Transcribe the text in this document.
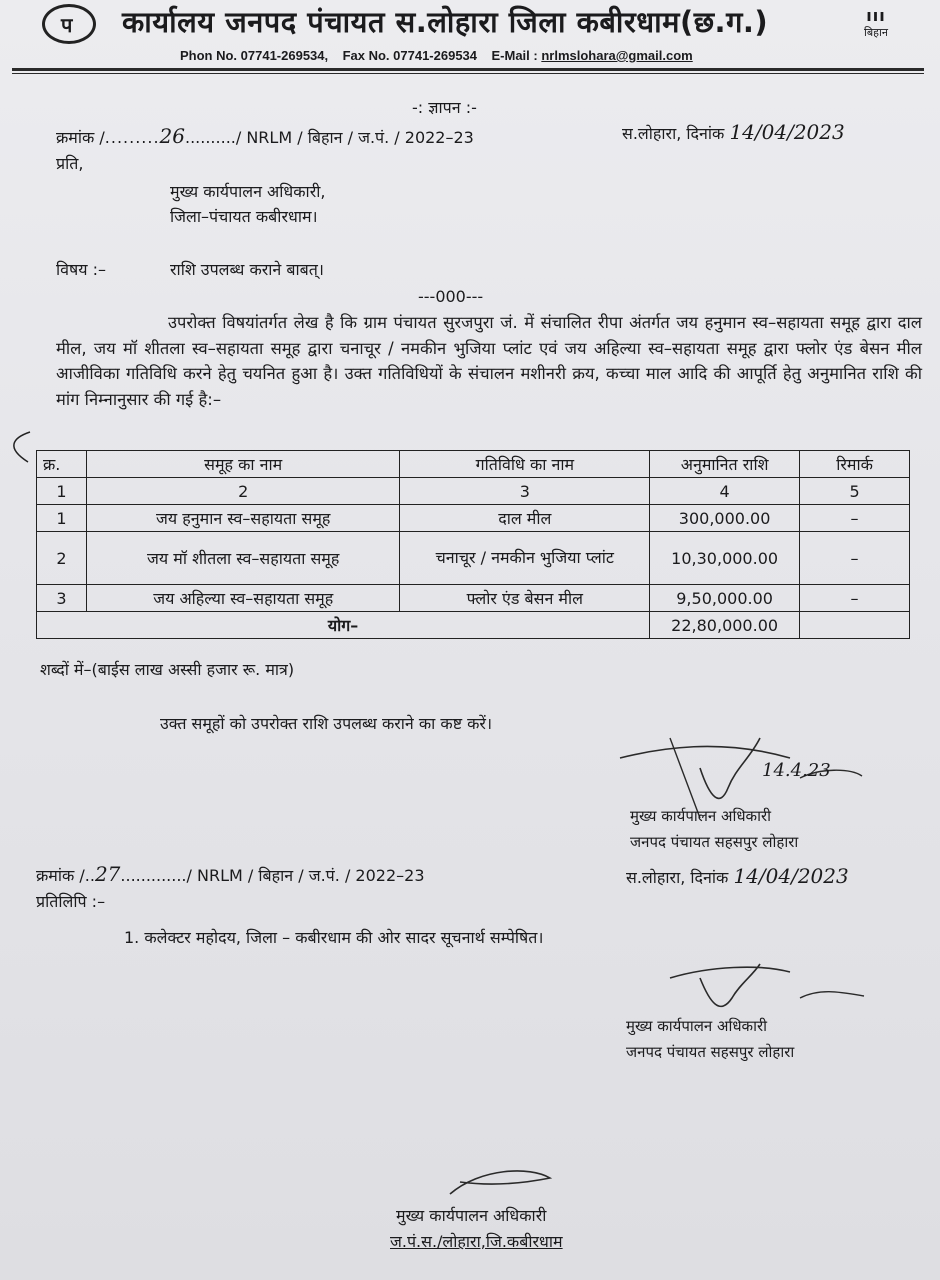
प कार्यालय जनपद पंचायत स.लोहारा जिला कबीरधाम(छ.ग.)	ııı
बिहान
Phon No. 07741-269534, Fax No. 07741-269534 E-Mail : nrlmslohara@gmail.com
-: ज्ञापन :-
क्रमांक /.........26........../ NRLM / बिहान / ज.पं. / 2022–23	स.लोहारा, दिनांक 14/04/2023
प्रति,
मुख्य कार्यपालन अधिकारी,
जिला–पंचायत कबीरधाम।
विषय :–	राशि उपलब्ध कराने बाबत्।
---000---
उपरोक्त विषयांतर्गत लेख है कि ग्राम पंचायत सुरजपुरा जं. में संचालित रीपा अंतर्गत जय हनुमान स्व–सहायता समूह द्वारा दाल मील, जय मॉ शीतला स्व–सहायता समूह द्वारा चनाचूर / नमकीन भुजिया प्लांट एवं जय अहिल्या स्व–सहायता समूह द्वारा फ्लोर एंड बेसन मील आजीविका गतिविधि करने हेतु चयनित हुआ है। उक्त गतिविधियों के संचालन मशीनरी क्रय, कच्चा माल आदि की आपूर्ति हेतु अनुमानित राशि की मांग निम्नानुसार की गई है:–
क्र.	समूह का नाम	गतिविधि का नाम	अनुमानित राशि	रिमार्क
1	2	3	4	5
1	जय हनुमान स्व–सहायता समूह	दाल मील	300,000.00	–
2	जय मॉ शीतला स्व–सहायता समूह	चनाचूर / नमकीन भुजिया प्लांट	10,30,000.00	–
3	जय अहिल्या स्व–सहायता समूह	फ्लोर एंड बेसन मील	9,50,000.00	–
योग–			22,80,000.00	
शब्दों में–(बाईस लाख अस्सी हजार रू. मात्र)
उक्त समूहों को उपरोक्त राशि उपलब्ध कराने का कष्ट करें।
14.4.23
मुख्य कार्यपालन अधिकारी
जनपद पंचायत सहसपुर लोहारा
क्रमांक /..27............./ NRLM / बिहान / ज.पं. / 2022–23	स.लोहारा, दिनांक 14/04/2023
प्रतिलिपि :–
1. कलेक्टर महोदय, जिला – कबीरधाम की ओर सादर सूचनार्थ सम्पेषित।
मुख्य कार्यपालन अधिकारी
जनपद पंचायत सहसपुर लोहारा
मुख्य कार्यपालन अधिकारी
ज.पं.स./लोहारा,जि.कबीरधाम
